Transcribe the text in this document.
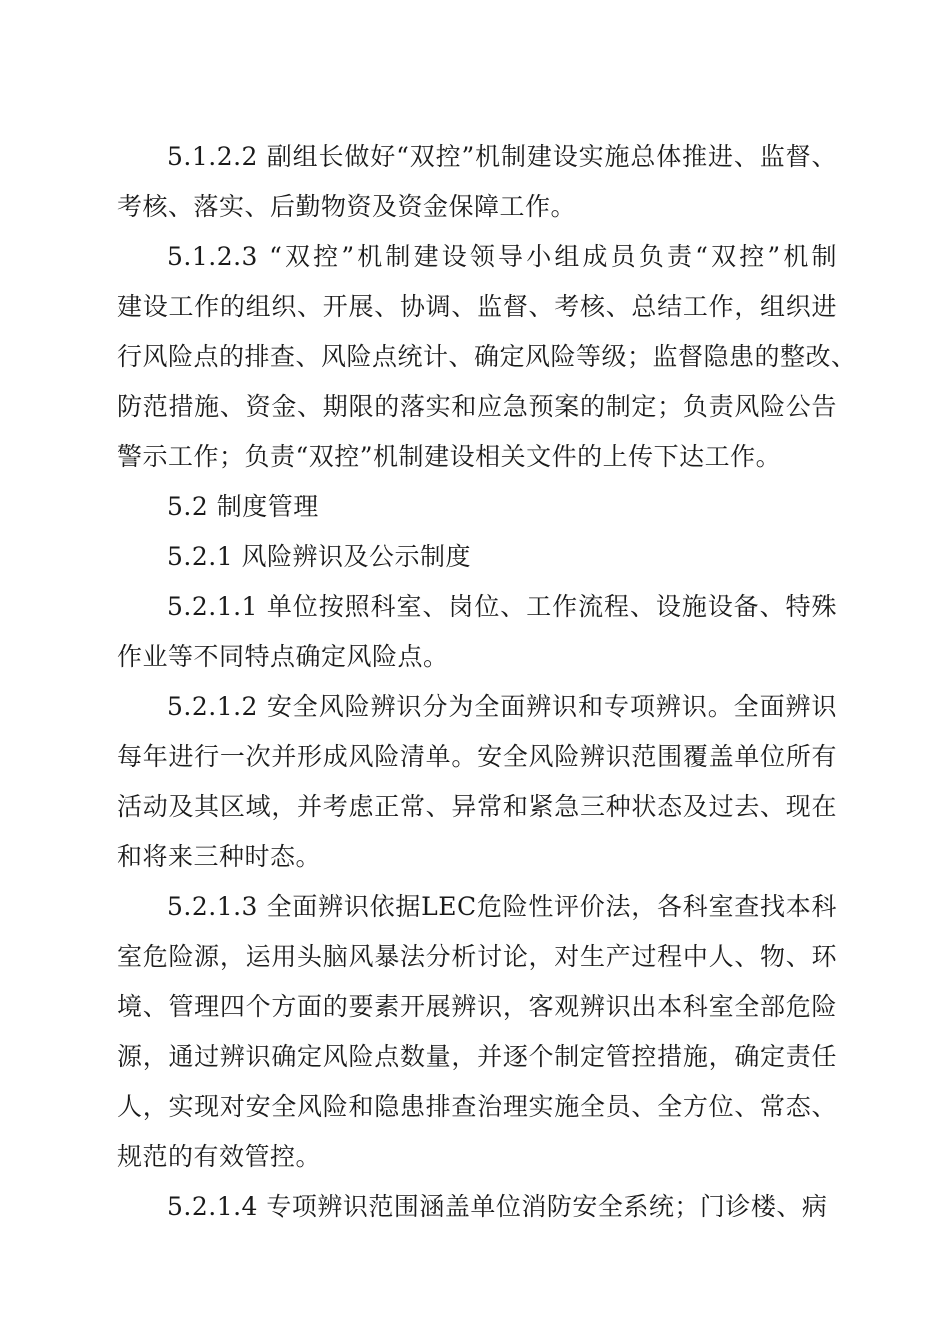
5.1.2.2 副组长做好“双控”机制建设实施总体推进、监督、
考核、落实、后勤物资及资金保障工作。
5.1.2.3 “双控”机制建设领导小组成员负责“双控”机制
建设工作的组织、开展、协调、监督、考核、总结工作，组织进
行风险点的排查、风险点统计、确定风险等级；监督隐患的整改、
防范措施、资金、期限的落实和应急预案的制定；负责风险公告
警示工作；负责“双控”机制建设相关文件的上传下达工作。
5.2 制度管理
5.2.1 风险辨识及公示制度
5.2.1.1 单位按照科室、岗位、工作流程、设施设备、特殊
作业等不同特点确定风险点。
5.2.1.2 安全风险辨识分为全面辨识和专项辨识。全面辨识
每年进行一次并形成风险清单。安全风险辨识范围覆盖单位所有
活动及其区域，并考虑正常、异常和紧急三种状态及过去、现在
和将来三种时态。
5.2.1.3 全面辨识依据LEC危险性评价法，各科室查找本科
室危险源，运用头脑风暴法分析讨论，对生产过程中人、物、环
境、管理四个方面的要素开展辨识，客观辨识出本科室全部危险
源，通过辨识确定风险点数量，并逐个制定管控措施，确定责任
人，实现对安全风险和隐患排查治理实施全员、全方位、常态、
规范的有效管控。
5.2.1.4 专项辨识范围涵盖单位消防安全系统；门诊楼、病
